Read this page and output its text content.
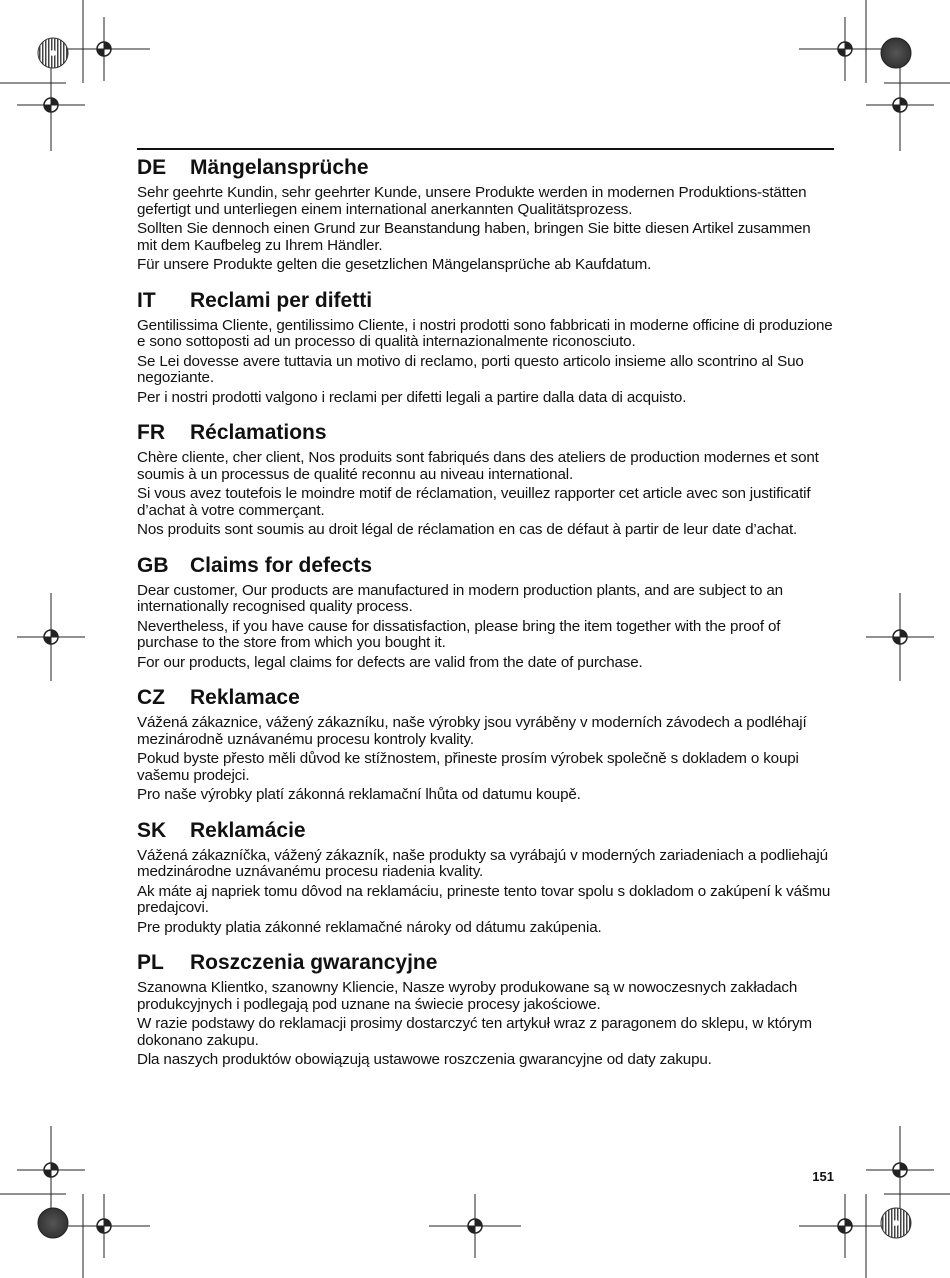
DE Mängelansprüche

Sehr geehrte Kundin, sehr geehrter Kunde, unsere Produkte werden in modernen Produktions-stätten gefertigt und unterliegen einem international anerkannten Qualitätsprozess.

Sollten Sie dennoch einen Grund zur Beanstandung haben, bringen Sie bitte diesen Artikel zusammen mit dem Kaufbeleg zu Ihrem Händler.

Für unsere Produkte gelten die gesetzlichen Mängelansprüche ab Kaufdatum.

IT Reclami per difetti

Gentilissima Cliente, gentilissimo Cliente, i nostri prodotti sono fabbricati in moderne officine di produzione e sono sottoposti ad un processo di qualità internazionalmente riconosciuto.

Se Lei dovesse avere tuttavia un motivo di reclamo, porti questo articolo insieme allo scontrino al Suo negoziante.

Per i nostri prodotti valgono i reclami per difetti legali a partire dalla data di acquisto.

FR Réclamations

Chère cliente, cher client, Nos produits sont fabriqués dans des ateliers de production modernes et sont soumis à un processus de qualité reconnu au niveau international.

Si vous avez toutefois le moindre motif de réclamation, veuillez rapporter cet article avec son justificatif d’achat à votre commerçant.

Nos produits sont soumis au droit légal de réclamation en cas de défaut à partir de leur date d’achat.

GB Claims for defects

Dear customer, Our products are manufactured in modern production plants, and are subject to an internationally recognised quality process.

Nevertheless, if you have cause for dissatisfaction, please bring the item together with the proof of purchase to the store from which you bought it.

For our products, legal claims for defects are valid from the date of purchase.

CZ Reklamace

Vážená zákaznice, vážený zákazníku, naše výrobky jsou vyráběny v moderních závodech a podléhají mezinárodně uznávanému procesu kontroly kvality.

Pokud byste přesto měli důvod ke stížnostem, přineste prosím výrobek společně s dokladem o koupi vašemu prodejci.

Pro naše výrobky platí zákonná reklamační lhůta od datumu koupě.

SK Reklamácie

Vážená zákazníčka, vážený zákazník, naše produkty sa vyrábajú v moderných zariadeniach a podliehajú medzinárodne uznávanému procesu riadenia kvality.

Ak máte aj napriek tomu dôvod na reklamáciu, prineste tento tovar spolu s dokladom o zakúpení k vášmu predajcovi.

Pre produkty platia zákonné reklamačné nároky od dátumu zakúpenia.

PL Roszczenia gwarancyjne

Szanowna Klientko, szanowny Kliencie, Nasze wyroby produkowane są w nowoczesnych zakładach produkcyjnych i podlegają pod uznane na świecie procesy jakościowe.

W razie podstawy do reklamacji prosimy dostarczyć ten artykuł wraz z paragonem do sklepu, w którym dokonano zakupu.

Dla naszych produktów obowiązują ustawowe roszczenia gwarancyjne od daty zakupu.

151
